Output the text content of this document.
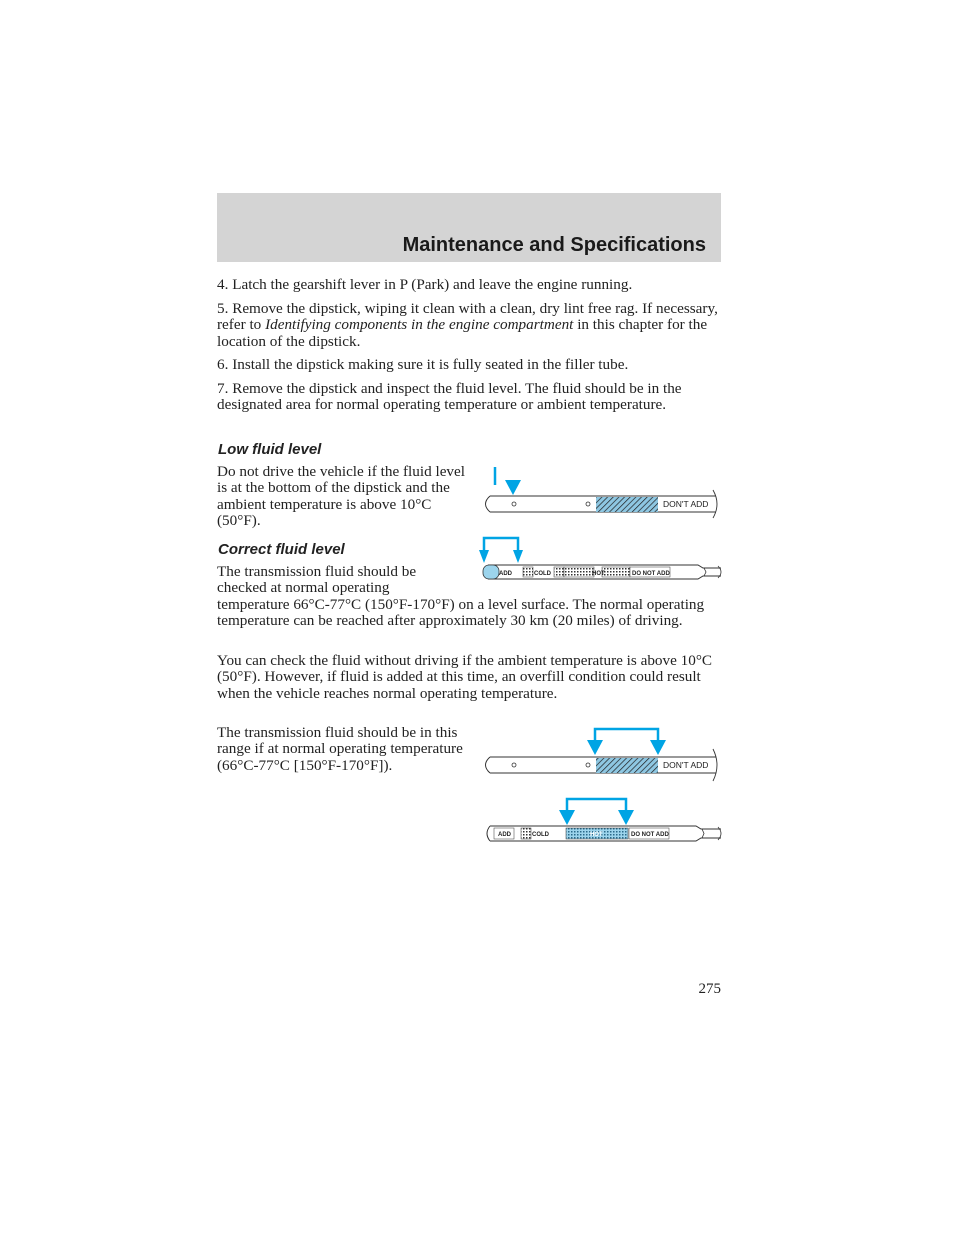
Maintenance and Specifications

4. Latch the gearshift lever in P (Park) and leave the engine running.

5. Remove the dipstick, wiping it clean with a clean, dry lint free rag. If necessary, refer to Identifying components in the engine compartment in this chapter for the location of the dipstick.

6. Install the dipstick making sure it is fully seated in the filler tube.

7. Remove the dipstick and inspect the fluid level. The fluid should be in the designated area for normal operating temperature or ambient temperature.

Low fluid level

Do not drive the vehicle if the fluid level is at the bottom of the dipstick and the ambient temperature is above 10°C (50°F).

Correct fluid level

The transmission fluid should be
checked at normal operating
temperature 66°C-77°C (150°F-170°F) on a level surface. The normal operating temperature can be reached after approximately 30 km (20 miles) of driving.

You can check the fluid without driving if the ambient temperature is above 10°C (50°F). However, if fluid is added at this time, an overfill condition could result when the vehicle reaches normal operating temperature.

The transmission fluid should be in this range if at normal operating temperature (66°C-77°C [150°F-170°F]).

DON'T ADD
ADD	COLD	HOT	DO NOT ADD
DON'T ADD
ADD	COLD	HOT	DO NOT ADD
275
